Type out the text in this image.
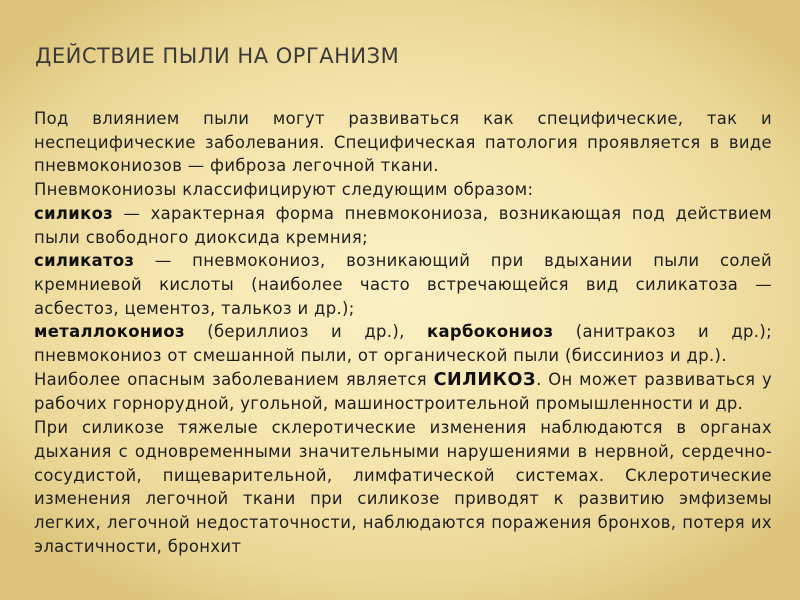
ДЕЙСТВИЕ ПЫЛИ НА ОРГАНИЗМ

Под влиянием пыли могут развиваться как специфические, так и неспецифические заболевания. Специфическая патология проявляется в виде пневмокониозов — фиброза легочной ткани.

Пневмокониозы классифицируют следующим образом:

силикоз — характерная форма пневмокониоза, возникающая под действием пыли свободного диоксида кремния;

силикатоз — пневмокониоз, возникающий при вдыхании пыли солей кремниевой кислоты (наиболее часто встречающейся вид силикатоза — асбестоз, цементоз, талькоз и др.);

металлокониоз (бериллиоз и др.), карбокониоз (анитракоз и др.); пневмокониоз от смешанной пыли, от органической пыли (биссиниоз и др.).

Наиболее опасным заболеванием является СИЛИКОЗ. Он может развиваться у рабочих горнорудной, угольной, машиностроительной промышленности и др.

При силикозе тяжелые склеротические изменения наблюдаются в органах дыхания с одновременными значительными нарушениями в нервной, сердечно-сосудистой, пищеварительной, лимфатической системах. Склеротические изменения легочной ткани при силикозе приводят к развитию эмфиземы легких, легочной недостаточности, наблюдаются поражения бронхов, потеря их эластичности, бронхит
